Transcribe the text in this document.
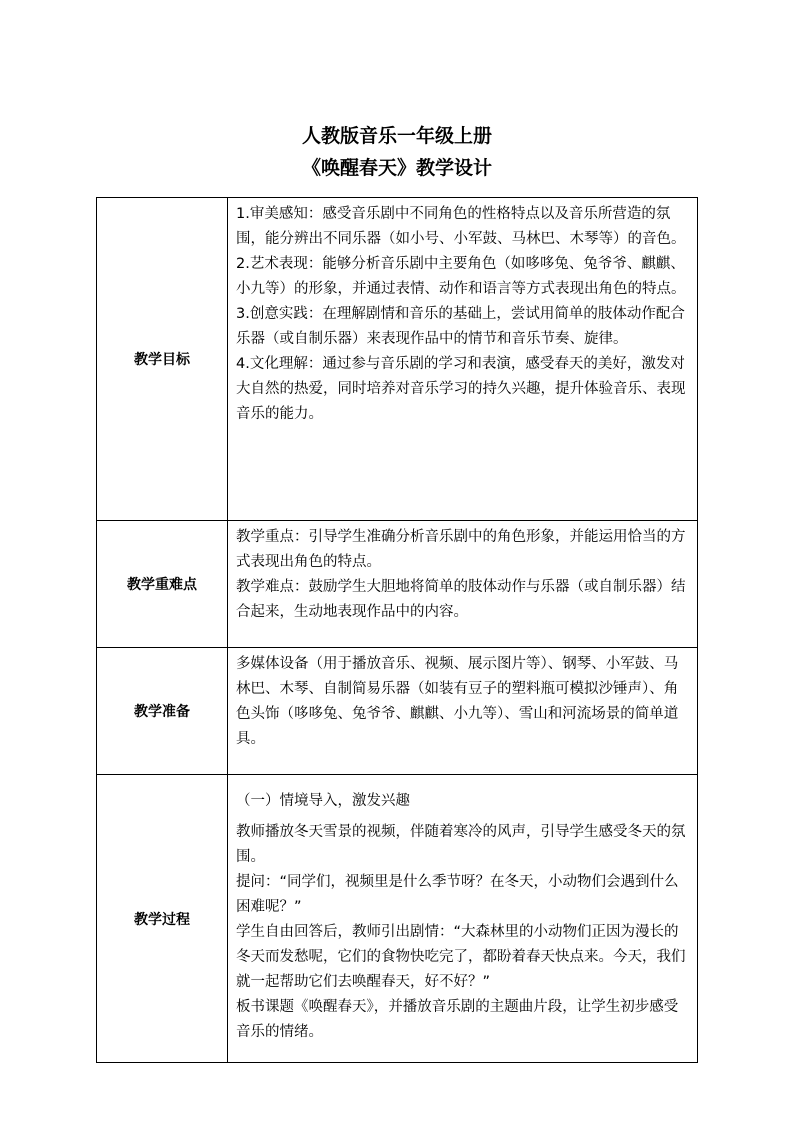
人教版音乐一年级上册
《唤醒春天》教学设计
教学目标	1.审美感知：感受音乐剧中不同角色的性格特点以及音乐所营造的氛围，能分辨出不同乐器（如小号、小军鼓、马林巴、木琴等）的音色。

2.艺术表现：能够分析音乐剧中主要角色（如哆哆兔、兔爷爷、麒麒、小九等）的形象，并通过表情、动作和语言等方式表现出角色的特点。

3.创意实践：在理解剧情和音乐的基础上，尝试用简单的肢体动作配合乐器（或自制乐器）来表现作品中的情节和音乐节奏、旋律。

4.文化理解：通过参与音乐剧的学习和表演，感受春天的美好，激发对大自然的热爱，同时培养对音乐学习的持久兴趣，提升体验音乐、表现音乐的能力。

教学重难点	教学重点：引导学生准确分析音乐剧中的角色形象，并能运用恰当的方式表现出角色的特点。

教学难点：鼓励学生大胆地将简单的肢体动作与乐器（或自制乐器）结合起来，生动地表现作品中的内容。

教学准备	多媒体设备（用于播放音乐、视频、展示图片等）、钢琴、小军鼓、马林巴、木琴、自制简易乐器（如装有豆子的塑料瓶可模拟沙锤声）、角色头饰（哆哆兔、兔爷爷、麒麒、小九等）、雪山和河流场景的简单道具。

教学过程	（一）情境导入，激发兴趣

教师播放冬天雪景的视频，伴随着寒冷的风声，引导学生感受冬天的氛围。

提问：“同学们，视频里是什么季节呀？在冬天，小动物们会遇到什么困难呢？”

学生自由回答后，教师引出剧情：“大森林里的小动物们正因为漫长的冬天而发愁呢，它们的食物快吃完了，都盼着春天快点来。今天，我们就一起帮助它们去唤醒春天，好不好？”

板书课题《唤醒春天》，并播放音乐剧的主题曲片段，让学生初步感受音乐的情绪。
